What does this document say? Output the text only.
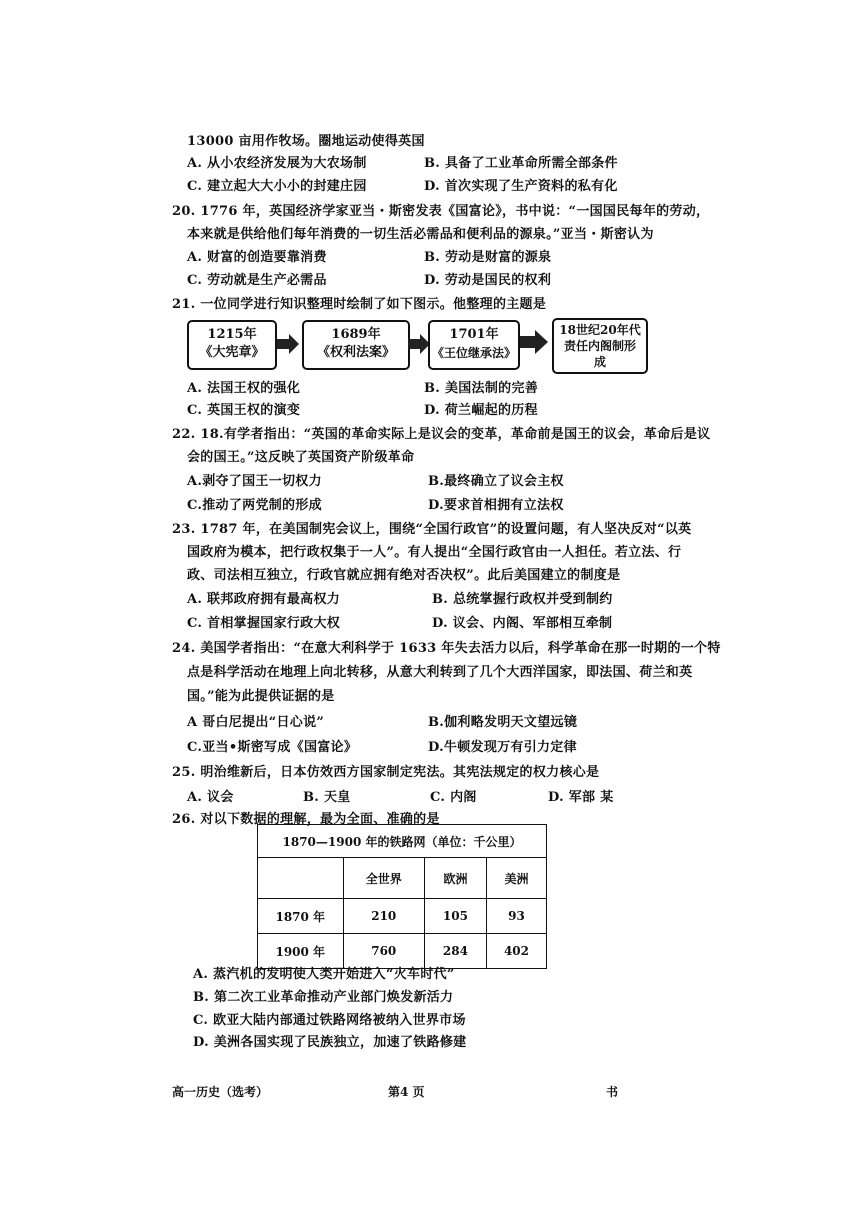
13000 亩用作牧场。圈地运动使得英国
A. 从小农经济发展为大农场制	B. 具备了工业革命所需全部条件
C. 建立起大大小小的封建庄园	D. 首次实现了生产资料的私有化
20. 1776 年，英国经济学家亚当・斯密发表《国富论》，书中说：“一国国民每年的劳动，
本来就是供给他们每年消费的一切生活必需品和便利品的源泉。”亚当・斯密认为
A. 财富的创造要靠消费	B. 劳动是财富的源泉
C. 劳动就是生产必需品	D. 劳动是国民的权利
21. 一位同学进行知识整理时绘制了如下图示。他整理的主题是
1215年
《大宪章》
1689年
《权利法案》
1701年
《王位继承法》
18世纪20年代
责任内阁制形成
A. 法国王权的强化	B. 美国法制的完善
C. 英国王权的演变	D. 荷兰崛起的历程
22. 18.有学者指出：“英国的革命实际上是议会的变革，革命前是国王的议会，革命后是议
会的国王。”这反映了英国资产阶级革命
A.剥夺了国王一切权力	B.最终确立了议会主权
C.推动了两党制的形成	D.要求首相拥有立法权
23. 1787 年，在美国制宪会议上，围绕“全国行政官”的设置问题，有人坚决反对“以英
国政府为模本，把行政权集于一人”。有人提出“全国行政官由一人担任。若立法、行
政、司法相互独立，行政官就应拥有绝对否决权”。此后美国建立的制度是
A. 联邦政府拥有最高权力	B. 总统掌握行政权并受到制约
C. 首相掌握国家行政大权	D. 议会、内阁、军部相互牵制
24. 美国学者指出：“在意大利科学于 1633 年失去活力以后，科学革命在那一时期的一个特
点是科学活动在地理上向北转移，从意大利转到了几个大西洋国家，即法国、荷兰和英
国。”能为此提供证据的是
A 哥白尼提出“日心说”	B.伽利略发明天文望远镜
C.亚当•斯密写成《国富论》	D.牛顿发现万有引力定律
25. 明治维新后，日本仿效西方国家制定宪法。其宪法规定的权力核心是
A. 议会	B. 天皇	C. 内阁	D. 军部 某
26. 对以下数据的理解，最为全面、准确的是
1870—1900 年的铁路网（单位：千公里）			
	全世界	欧洲	美洲
1870 年	210	105	93
1900 年	760	284	402
A. 蒸汽机的发明使人类开始进入“火车时代”
B. 第二次工业革命推动产业部门焕发新活力
C. 欧亚大陆内部通过铁路网络被纳入世界市场
D. 美洲各国实现了民族独立，加速了铁路修建
高一历史（选考）	第4 页	书
